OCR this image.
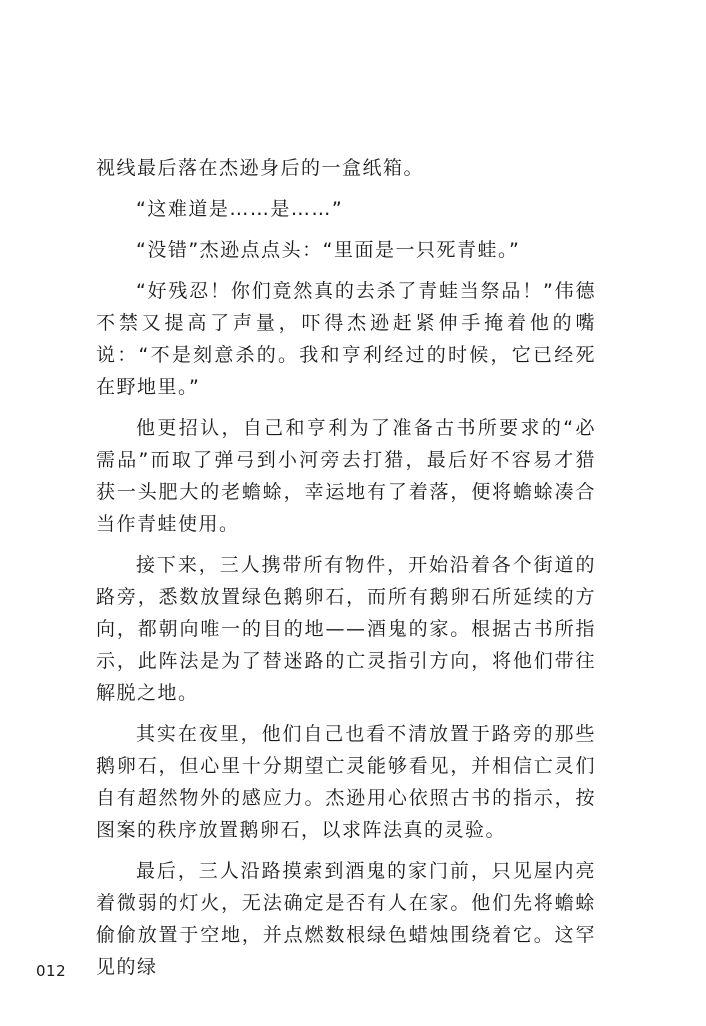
视线最后落在杰逊身后的一盒纸箱。

“这难道是……是……”

“没错”杰逊点点头：“里面是一只死青蛙。”

“好残忍！你们竟然真的去杀了青蛙当祭品！”伟德不禁又提高了声量，吓得杰逊赶紧伸手掩着他的嘴说：“不是刻意杀的。我和亨利经过的时候，它已经死在野地里。”

他更招认，自己和亨利为了准备古书所要求的“必需品”而取了弹弓到小河旁去打猎，最后好不容易才猎获一头肥大的老蟾蜍，幸运地有了着落，便将蟾蜍凑合当作青蛙使用。

接下来，三人携带所有物件，开始沿着各个街道的路旁，悉数放置绿色鹅卵石，而所有鹅卵石所延续的方向，都朝向唯一的目的地——酒鬼的家。根据古书所指示，此阵法是为了替迷路的亡灵指引方向，将他们带往解脱之地。

其实在夜里，他们自己也看不清放置于路旁的那些鹅卵石，但心里十分期望亡灵能够看见，并相信亡灵们自有超然物外的感应力。杰逊用心依照古书的指示，按图案的秩序放置鹅卵石，以求阵法真的灵验。

最后，三人沿路摸索到酒鬼的家门前，只见屋内亮着微弱的灯火，无法确定是否有人在家。他们先将蟾蜍偷偷放置于空地，并点燃数根绿色蜡烛围绕着它。这罕见的绿

012
